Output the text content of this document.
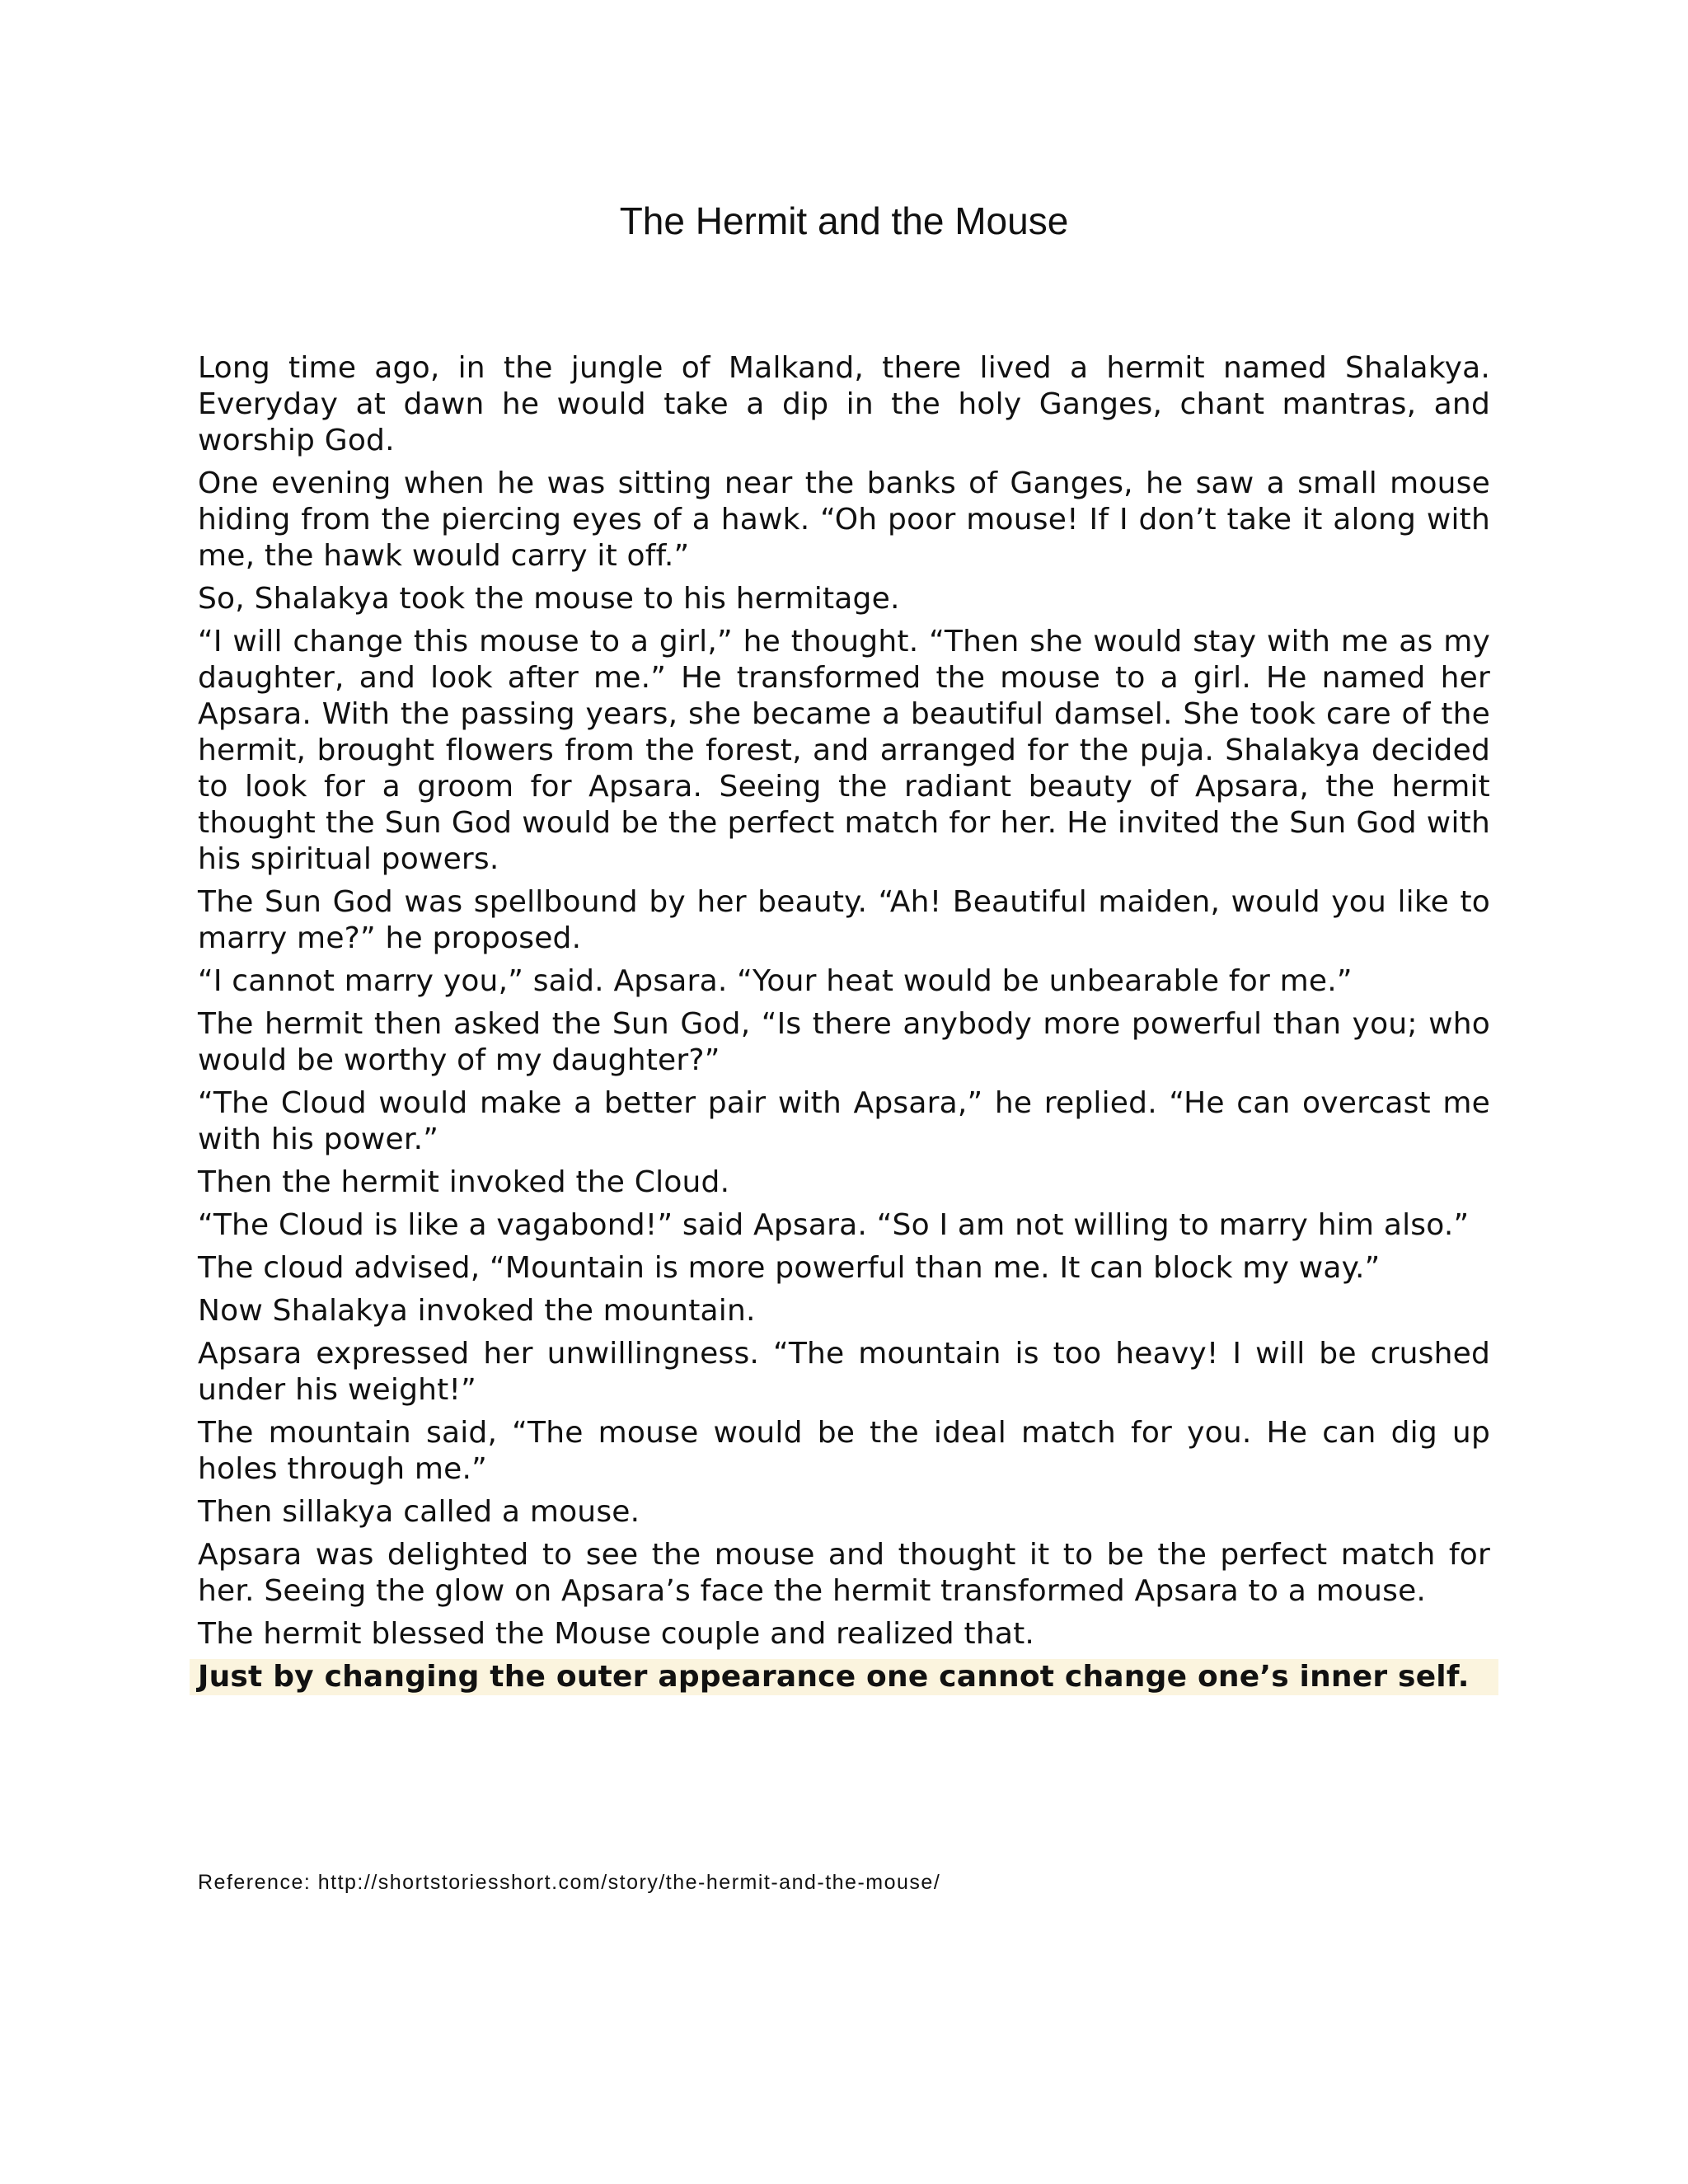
The Hermit and the Mouse

Long time ago, in the jungle of Malkand, there lived a hermit named Shalakya. Everyday at dawn he would take a dip in the holy Ganges, chant mantras, and worship God.

One evening when he was sitting near the banks of Ganges, he saw a small mouse hiding from the piercing eyes of a hawk. “Oh poor mouse! If I don’t take it along with me, the hawk would carry it off.”

So, Shalakya took the mouse to his hermitage.

“I will change this mouse to a girl,” he thought. “Then she would stay with me as my daughter, and look after me.” He transformed the mouse to a girl. He named her Apsara. With the passing years, she became a beautiful damsel. She took care of the hermit, brought flowers from the forest, and arranged for the puja. Shalakya decided to look for a groom for Apsara. Seeing the radiant beauty of Apsara, the hermit thought the Sun God would be the perfect match for her. He invited the Sun God with his spiritual powers.

The Sun God was spellbound by her beauty. “Ah! Beautiful maiden, would you like to marry me?” he proposed.

“I cannot marry you,” said. Apsara. “Your heat would be unbearable for me.”

The hermit then asked the Sun God, “Is there anybody more powerful than you; who would be worthy of my daughter?”

“The Cloud would make a better pair with Apsara,” he replied. “He can overcast me with his power.”

Then the hermit invoked the Cloud.

“The Cloud is like a vagabond!” said Apsara. “So I am not willing to marry him also.”

The cloud advised, “Mountain is more powerful than me. It can block my way.”

Now Shalakya invoked the mountain.

Apsara expressed her unwillingness. “The mountain is too heavy! I will be crushed under his weight!”

The mountain said, “The mouse would be the ideal match for you. He can dig up holes through me.”

Then sillakya called a mouse.

Apsara was delighted to see the mouse and thought it to be the perfect match for her. Seeing the glow on Apsara’s face the hermit transformed Apsara to a mouse.

The hermit blessed the Mouse couple and realized that.

Just by changing the outer appearance one cannot change one’s inner self.

Reference: http://shortstoriesshort.com/story/the-hermit-and-the-mouse/
